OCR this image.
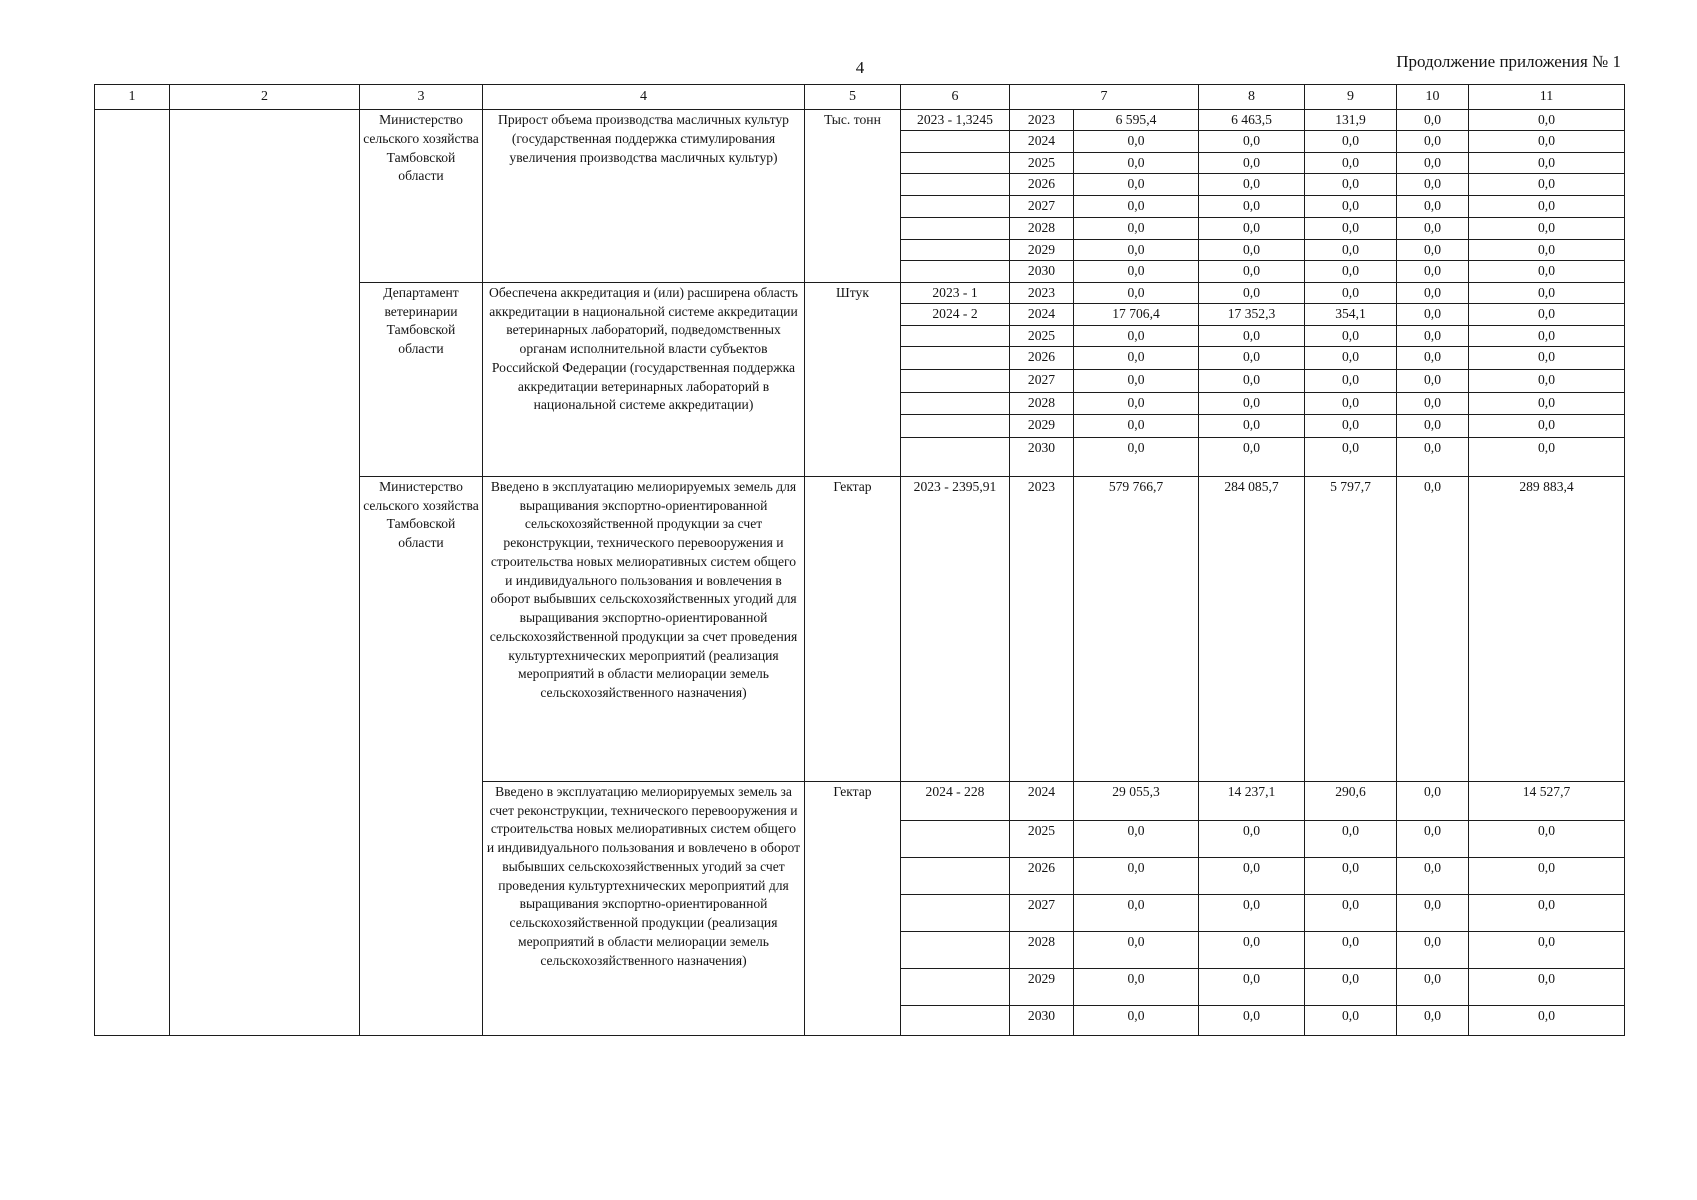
4	Продолжение приложения № 1
1	2	3	4	5	6	7		8	9	10	11
		Министерство сельского хозяйства Тамбовской области	Прирост объема производства масличных культур (государственная поддержка стимулирования увеличения производства масличных культур)	Тыс. тонн	2023 - 1,3245	2023	6 595,4	6 463,5	131,9	0,0	0,0
						2024	0,0	0,0	0,0	0,0	0,0
						2025	0,0	0,0	0,0	0,0	0,0
						2026	0,0	0,0	0,0	0,0	0,0
						2027	0,0	0,0	0,0	0,0	0,0
						2028	0,0	0,0	0,0	0,0	0,0
						2029	0,0	0,0	0,0	0,0	0,0
						2030	0,0	0,0	0,0	0,0	0,0
		Департамент ветеринарии Тамбовской области	Обеспечена аккредитация и (или) расширена область аккредитации в национальной системе аккредитации ветеринарных лабораторий, подведомственных органам исполнительной власти субъектов Российской Федерации (государственная поддержка аккредитации ветеринарных лабораторий в национальной системе аккредитации)	Штук	2023 - 1	2023	0,0	0,0	0,0	0,0	0,0
					2024 - 2	2024	17 706,4	17 352,3	354,1	0,0	0,0
						2025	0,0	0,0	0,0	0,0	0,0
						2026	0,0	0,0	0,0	0,0	0,0
						2027	0,0	0,0	0,0	0,0	0,0
						2028	0,0	0,0	0,0	0,0	0,0
						2029	0,0	0,0	0,0	0,0	0,0
						2030	0,0	0,0	0,0	0,0	0,0
		Министерство сельского хозяйства Тамбовской области	Введено в эксплуатацию мелиорируемых земель для выращивания экспортно-ориентированной сельскохозяйственной продукции за счет реконструкции, технического перевооружения и строительства новых мелиоративных систем общего и индивидуального пользования и вовлечения в оборот выбывших сельскохозяйственных угодий для выращивания экспортно-ориентированной сельскохозяйственной продукции за счет проведения культуртехнических мероприятий (реализация мероприятий в области мелиорации земель сельскохозяйственного назначения)	Гектар	2023 - 2395,91	2023	579 766,7	284 085,7	5 797,7	0,0	289 883,4
			Введено в эксплуатацию мелиорируемых земель за счет реконструкции, технического перевооружения и строительства новых мелиоративных систем общего и индивидуального пользования и вовлечено в оборот выбывших сельскохозяйственных угодий за счет проведения культуртехнических мероприятий для выращивания экспортно-ориентированной сельскохозяйственной продукции (реализация мероприятий в области мелиорации земель сельскохозяйственного назначения)	Гектар	2024 - 228	2024	29 055,3	14 237,1	290,6	0,0	14 527,7
						2025	0,0	0,0	0,0	0,0	0,0
						2026	0,0	0,0	0,0	0,0	0,0
						2027	0,0	0,0	0,0	0,0	0,0
						2028	0,0	0,0	0,0	0,0	0,0
						2029	0,0	0,0	0,0	0,0	0,0
						2030	0,0	0,0	0,0	0,0	0,0
